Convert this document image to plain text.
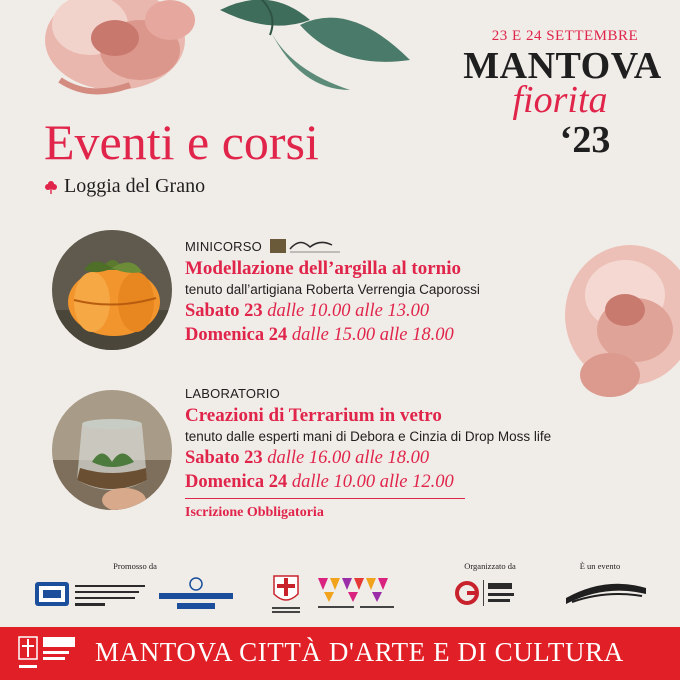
23 E 24 SETTEMBRE
MANTOVA
fiorita
‘23
Eventi e corsi
Loggia del Grano
MINICORSO
Modellazione dell’argilla al tornio
tenuto dall’artigiana Roberta Verrengia Caporossi
Sabato 23 dalle 10.00 alle 13.00
Domenica 24 dalle 15.00 alle 18.00
LABORATORIO
Creazioni di Terrarium in vetro
tenuto dalle esperti mani di Debora e Cinzia di Drop Moss life
Sabato 23 dalle 16.00 alle 18.00
Domenica 24 dalle 10.00 alle 12.00
Iscrizione Obbligatoria
Promosso da	Organizzato da	È un evento
MANTOVA CITTÀ D'ARTE E DI CULTURA
